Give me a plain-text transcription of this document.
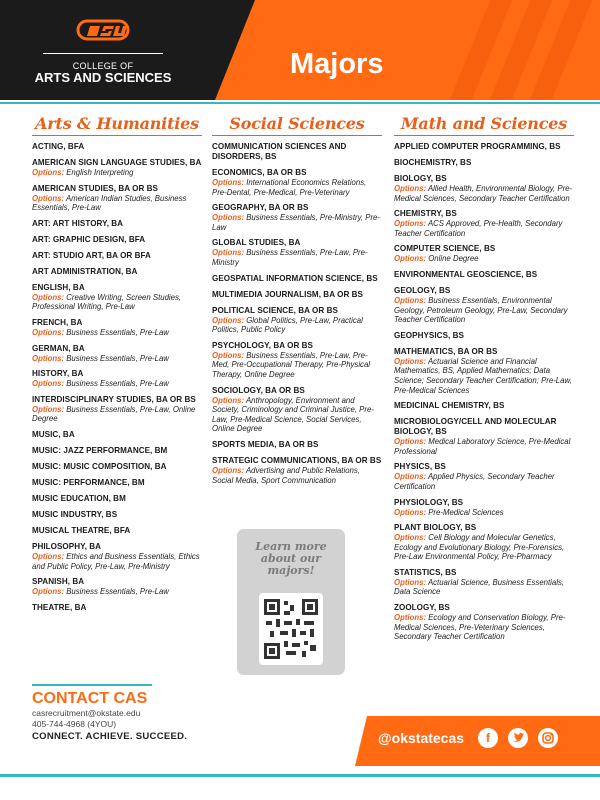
COLLEGE OF
ARTS AND SCIENCES	Majors
Arts & Humanities
ACTING, BFA
AMERICAN SIGN LANGUAGE STUDIES, BA
Options: English Interpreting
AMERICAN STUDIES, BA OR BS
Options: American Indian Studies, Business Essentials, Pre-Law
ART: ART HISTORY, BA
ART: GRAPHIC DESIGN, BFA
ART: STUDIO ART, BA OR BFA
ART ADMINISTRATION, BA
ENGLISH, BA
Options: Creative Writing, Screen Studies, Professional Writing, Pre-Law
FRENCH, BA
Options: Business Essentials, Pre-Law
GERMAN, BA
Options: Business Essentials, Pre-Law
HISTORY, BA
Options: Business Essentials, Pre-Law
INTERDISCIPLINARY STUDIES, BA OR BS
Options: Business Essentials, Pre-Law, Online Degree
MUSIC, BA
MUSIC: JAZZ PERFORMANCE, BM
MUSIC: MUSIC COMPOSITION, BA
MUSIC: PERFORMANCE, BM
MUSIC EDUCATION, BM
MUSIC INDUSTRY, BS
MUSICAL THEATRE, BFA
PHILOSOPHY, BA
Options: Ethics and Business Essentials, Ethics and Public Policy, Pre-Law, Pre-Ministry
SPANISH, BA
Options: Business Essentials, Pre-Law
THEATRE, BA
Social Sciences
COMMUNICATION SCIENCES AND DISORDERS, BS
ECONOMICS, BA OR BS
Options: International Economics Relations, Pre-Dental, Pre-Medical, Pre-Veterinary
GEOGRAPHY, BA OR BS
Options: Business Essentials, Pre-Ministry, Pre-Law
GLOBAL STUDIES, BA
Options: Business Essentials, Pre-Law, Pre-Ministry
GEOSPATIAL INFORMATION SCIENCE, BS
MULTIMEDIA JOURNALISM, BA OR BS
POLITICAL SCIENCE, BA OR BS
Options: Global Politics, Pre-Law, Practical Politics, Public Policy
PSYCHOLOGY, BA OR BS
Options: Business Essentials, Pre-Law, Pre-Med, Pre-Occupational Therapy, Pre-Physical Therapy, Online Degree
SOCIOLOGY, BA OR BS
Options: Anthropology, Environment and Society, Criminology and Criminal Justice, Pre-Law, Pre-Medical Science, Social Services, Online Degree
SPORTS MEDIA, BA OR BS
STRATEGIC COMMUNICATIONS, BA OR BS
Options: Advertising and Public Relations, Social Media, Sport Communication
Math and Sciences
APPLIED COMPUTER PROGRAMMING, BS
BIOCHEMISTRY, BS
BIOLOGY, BS
Options: Allied Health, Environmental Biology, Pre-Medical Sciences, Secondary Teacher Certification
CHEMISTRY, BS
Options: ACS Approved, Pre-Health, Secondary Teacher Certification
COMPUTER SCIENCE, BS
Options: Online Degree
ENVIRONMENTAL GEOSCIENCE, BS
GEOLOGY, BS
Options: Business Essentials, Environmental Geology, Petroleum Geology, Pre-Law, Secondary Teacher Certification
GEOPHYSICS, BS
MATHEMATICS, BA OR BS
Options: Actuarial Science and Financial Mathematics, BS, Applied Mathematics; Data Science; Secondary Teacher Certification; Pre-Law, Pre-Medical Sciences
MEDICINAL CHEMISTRY, BS
MICROBIOLOGY/CELL AND MOLECULAR BIOLOGY, BS
Options: Medical Laboratory Science, Pre-Medical Professional
PHYSICS, BS
Options: Applied Physics, Secondary Teacher Certification
PHYSIOLOGY, BS
Options: Pre-Medical Sciences
PLANT BIOLOGY, BS
Options: Cell Biology and Molecular Genetics, Ecology and Evolutionary Biology, Pre-Forensics, Pre-Law Environmental Policy, Pre-Pharmacy
STATISTICS, BS
Options: Actuarial Science, Business Essentials, Data Science
ZOOLOGY, BS
Options: Ecology and Conservation Biology, Pre-Medical Sciences, Pre-Veterinary Sciences, Secondary Teacher Certification
Learn more
about our
majors!
CONTACT CAS
casrecruitment@okstate.edu
405-744-4968 (4YOU)
CONNECT. ACHIEVE. SUCCEED.	@okstatecas	f
